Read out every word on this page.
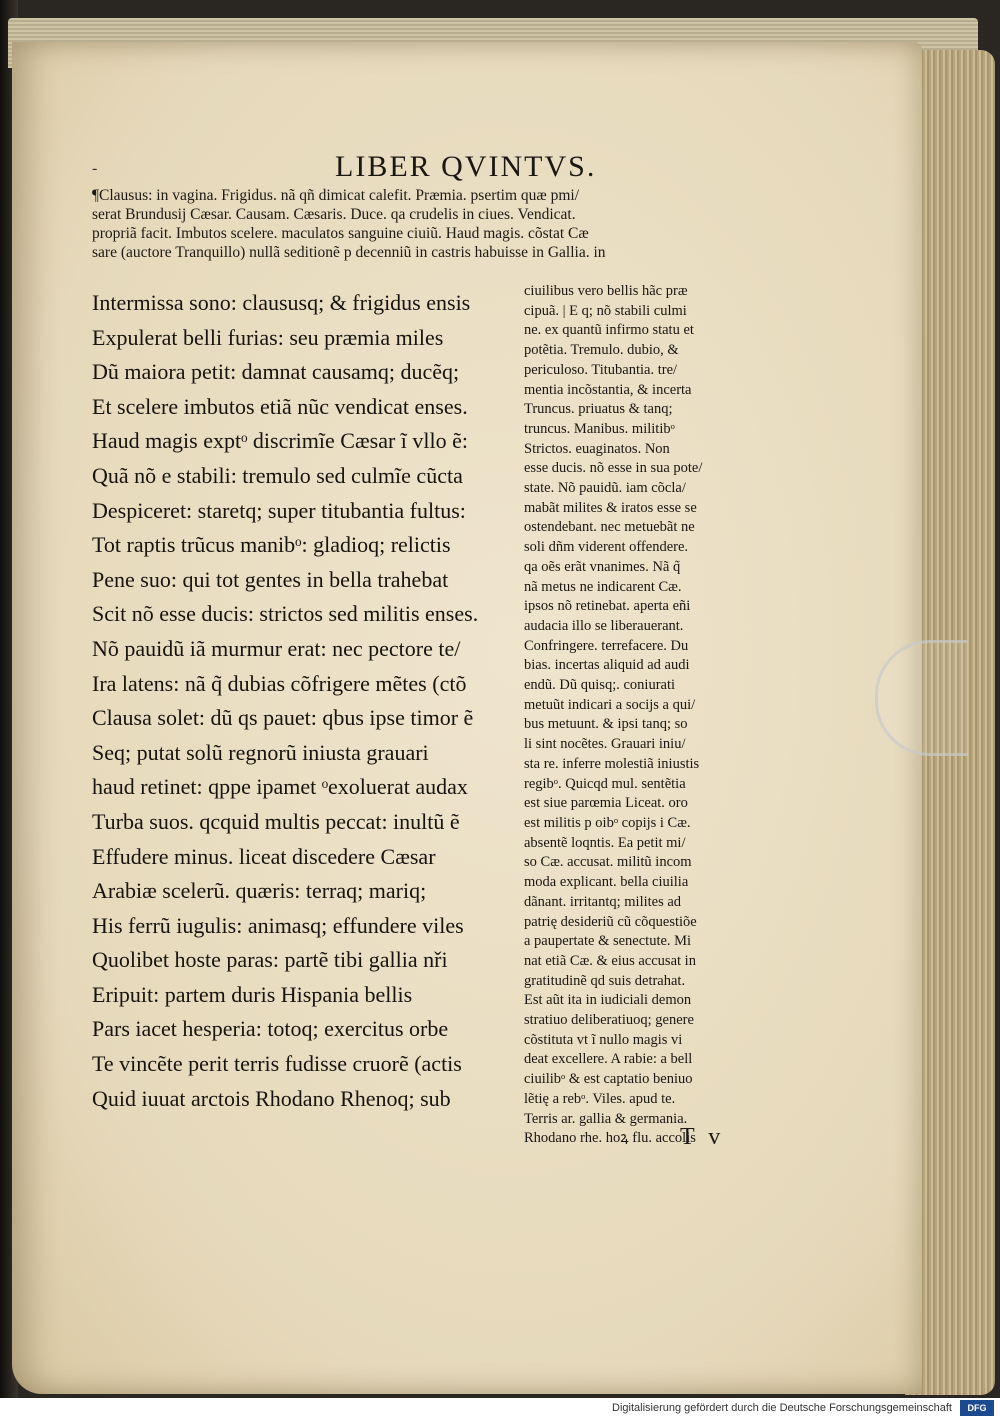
-	LIBER QVINTVS.
¶Clausus: in vagina. Frigidus. nã qñ dimicat calefit. Præmia. psertim quæ pmi/
serat Brundusij Cæsar. Causam. Cæsaris. Duce. qa crudelis in ciues. Vendicat.
propriã facit. Imbutos scelere. maculatos sanguine ciuiũ. Haud magis. cõstat Cæ
sare (auctore Tranquillo) nullã seditionẽ p decenniũ in castris habuisse in Gallia. in
Intermissa sono: claususq; & frigidus ensis
Expulerat belli furias: seu præmia miles
Dũ maiora petit: damnat causamq; ducẽq;
Et scelere imbutos etiã nũc vendicat enses.
Haud magis exptᵒ discrimĩe Cæsar ĩ vllo ẽ:
Quã nõ e stabili: tremulo sed culmĩe cũcta
Despiceret: staretq; super titubantia fultus:
Tot raptis trũcus manibᵒ: gladioq; relictis
Pene suo: qui tot gentes in bella trahebat
Scit nõ esse ducis: strictos sed militis enses.
Nõ pauidũ iã murmur erat: nec pectore te/
Ira latens: nã q̃ dubias cõfrigere mẽtes (ctõ
Clausa solet: dũ qs pauet: qbus ipse timor ẽ
Seq; putat solũ regnorũ iniusta grauari
haud retinet: qppe ipamet ᵒexoluerat audax
Turba suos. qcquid multis peccat: inultũ ẽ
Effudere minus. liceat discedere Cæsar
Arabiæ scelerũ. quæris: terraq; mariq;
His ferrũ iugulis: animasq; effundere viles
Quolibet hoste paras: partẽ tibi gallia nři
Eripuit: partem duris Hispania bellis
Pars iacet hesperia: totoq; exercitus orbe
Te vincẽte perit terris fudisse cruorẽ (actis
Quid iuuat arctois Rhodano Rhenoq; sub
ciuilibus vero bellis hãc præ
cipuã. | E q; nõ stabili culmi
ne. ex quantũ infirmo statu et
potẽtia. Tremulo. dubio, &
periculoso. Titubantia. tre/
mentia incõstantia, & incerta
Truncus. priuatus & tanq;
truncus. Manibus. militibᵒ
Strictos. euaginatos. Non
esse ducis. nõ esse in sua pote/
state. Nõ pauidũ. iam cõcla/
mabãt milites & iratos esse se
ostendebant. nec metuebãt ne
soli dñm viderent offendere.
qa oẽs erãt vnanimes. Nã q̃
nã metus ne indicarent Cæ.
ipsos nõ retinebat. aperta eñi
audacia illo se liberauerant.
Confringere. terrefacere. Du
bias. incertas aliquid ad audi
endũ. Dũ quisq;. coniurati
metuũt indicari a socijs a qui/
bus metuunt. & ipsi tanq; so
li sint nocẽtes. Grauari iniu/
sta re. inferre molestiã iniustis
regibᵒ. Quicqd mul. sentẽtia
est siue parœmia Liceat. oro
est militis p oibᵒ copijs i Cæ.
absentẽ loqntis. Ea petit mi/
so Cæ. accusat. militũ incom
moda explicant. bella ciuilia
dãnant. irritantq; milites ad
patrię desideriũ cũ cõquestiõe
a paupertate & senectute. Mi
nat etiã Cæ. & eius accusat in
gratitudinẽ qd suis detrahat.
Est aũt ita in iudiciali demon
stratiuo deliberatiuoq; genere
cõstituta vt ĩ nullo magis vi
deat excellere. A rabie: a bell
ciuilibᵒ & est captatio beniuo
lẽtię a rebᵒ. Viles. apud te.
Terris ar. gallia & germania.
Rhodano rhe. hoꝝ flu. accolis
T v
Digitalisierung gefördert durch die Deutsche Forschungsgemeinschaft	DFG
